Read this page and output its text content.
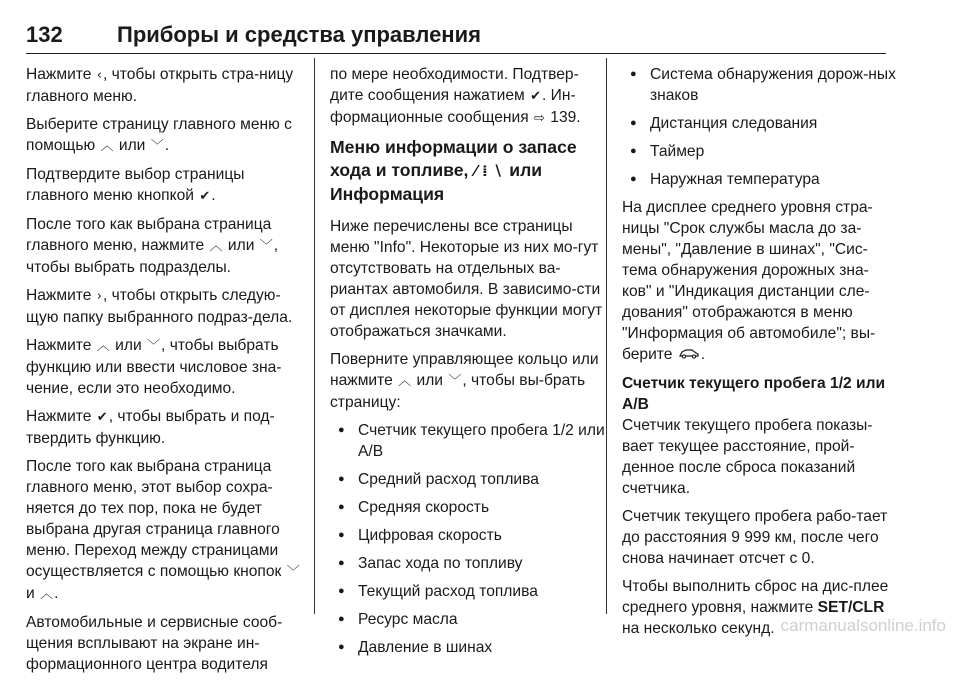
132 Приборы и средства управления

Нажмите ‹, чтобы открыть стра-ницу главного меню.

Выберите страницу главного меню с помощью ︿ или ﹀.

Подтвердите выбор страницы главного меню кнопкой ✔.

После того как выбрана страница главного меню, нажмите ︿ или ﹀, чтобы выбрать подразделы.

Нажмите ›, чтобы открыть следую-щую папку выбранного подраз-дела.

Нажмите ︿ или ﹀, чтобы выбрать функцию или ввести числовое зна-чение, если это необходимо.

Нажмите ✔, чтобы выбрать и под-твердить функцию.

После того как выбрана страница главного меню, этот выбор сохра-няется до тех пор, пока не будет выбрана другая страница главного меню. Переход между страницами осуществляется с помощью кнопок ﹀ и ︿.

Автомобильные и сервисные сооб-щения всплывают на экране ин-формационного центра водителя

по мере необходимости. Подтвер-дите сообщения нажатием ✔. Ин-формационные сообщения ⇨ 139.

Меню информации о запасе хода и топливе, ⁄ ⁞ ∖ или Информация

Ниже перечислены все страницы меню "Info". Некоторые из них мо-гут отсутствовать на отдельных ва-риантах автомобиля. В зависимо-сти от дисплея некоторые функции могут отображаться значками.

Поверните управляющее кольцо или нажмите ︿ или ﹀, чтобы вы-брать страницу:

● Счетчик текущего пробега 1/2 или A/B
● Средний расход топлива
● Средняя скорость
● Цифровая скорость
● Запас хода по топливу
● Текущий расход топлива
● Ресурс масла
● Давление в шинах
● Система обнаружения дорож-ных знаков
● Дистанция следования
● Таймер
● Наружная температура

На дисплее среднего уровня стра-ницы "Срок службы масла до за-мены", "Давление в шинах", "Сис-тема обнаружения дорожных зна-ков" и "Индикация дистанции сле-дования" отображаются в меню "Информация об автомобиле"; вы-берите .

Счетчик текущего пробега 1/2 или A/B

Счетчик текущего пробега показы-вает текущее расстояние, прой-денное после сброса показаний счетчика.

Счетчик текущего пробега рабо-тает до расстояния 9 999 км, после чего снова начинает отсчет с 0.

Чтобы выполнить сброс на дис-плее среднего уровня, нажмите SET/CLR на несколько секунд. carmanualsonline.info
